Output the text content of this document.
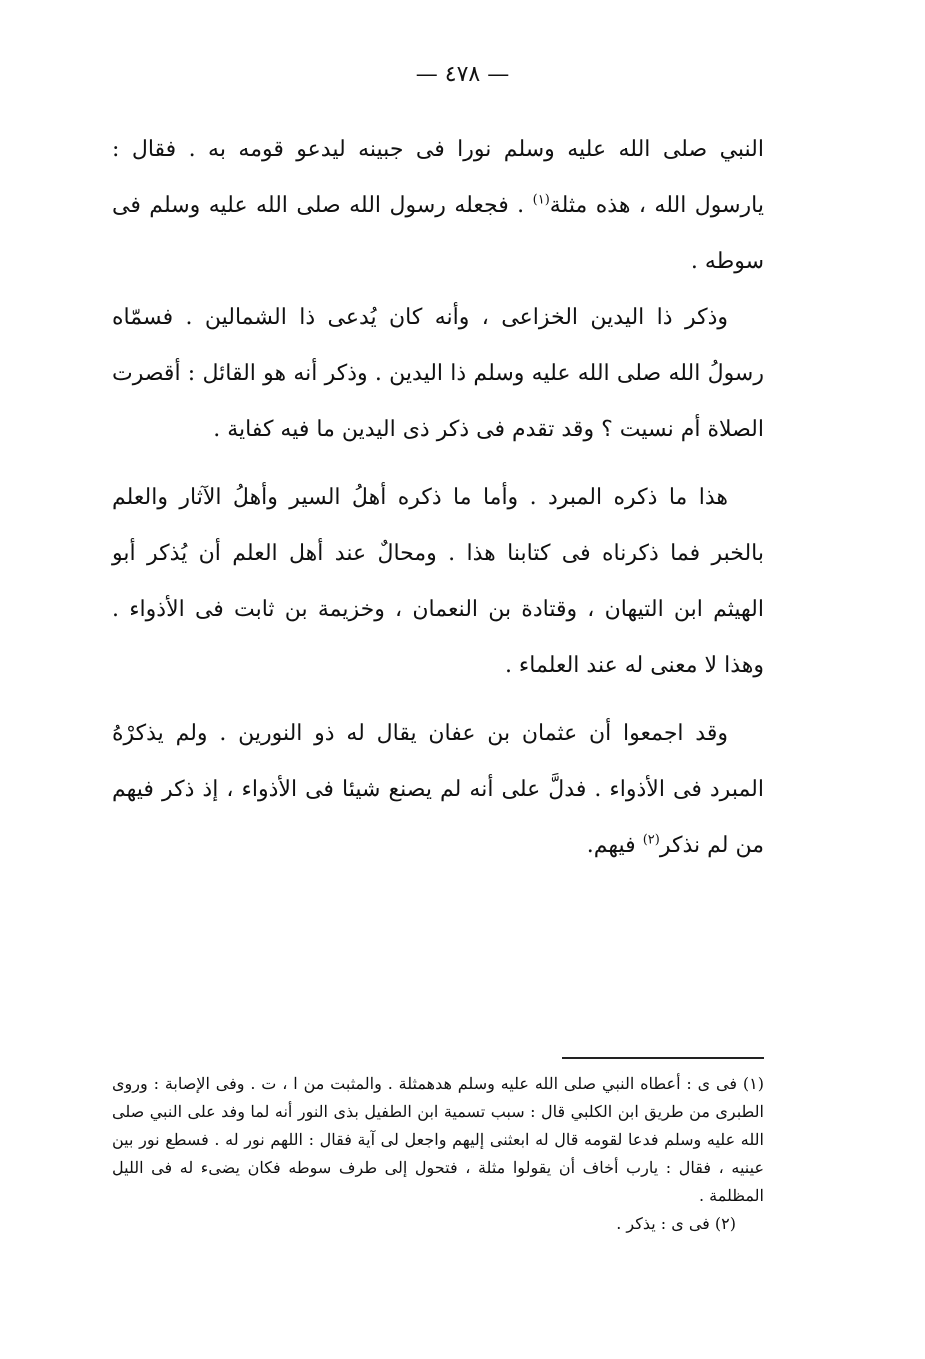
— ٤٧٨ —

النبي صلى الله عليه وسلم نورا فى جبينه ليدعو قومه به . فقال : يارسول الله ، هذه مثلة$^{(١)}$ . فجعله رسول الله صلى الله عليه وسلم فى سوطه .

وذكر ذا اليدين الخزاعى ، وأنه كان يُدعى ذا الشمالين . فسمّاه رسولُ الله صلى الله عليه وسلم ذا اليدين . وذكر أنه هو القائل : أقصرت الصلاة أم نسيت ؟ وقد تقدم فى ذكر ذى اليدين ما فيه كفاية .

هذا ما ذكره المبرد . وأما ما ذكره أهلُ السير وأهلُ الآثار والعلم بالخبر فما ذكرناه فى كتابنا هذا . ومحالٌ عند أهل العلم أن يُذكر أبو الهيثم ابن التيهان ، وقتادة بن النعمان ، وخزيمة بن ثابت فى الأذواء . وهذا لا معنى له عند العلماء .

وقد اجمعوا أن عثمان بن عفان يقال له ذو النورين . ولم يذكرْهُ المبرد فى الأذواء . فدلَّ على أنه لم يصنع شيئا فى الأذواء ، إذ ذكر فيهم من لم نذكر$^{(٢)}$ فيهم.

(١) فى ى : أعطاه النبي صلى الله عليه وسلم هدهمثلة . والمثبت من ا ، ت . وفى الإصابة : وروى الطبرى من طريق ابن الكلبي قال : سبب تسمية ابن الطفيل بذى النور أنه لما وفد على النبي صلى الله عليه وسلم فدعا لقومه قال له ابعثنى إليهم واجعل لى آية فقال : اللهم نور له . فسطع نور بين عينيه ، فقال : يارب أخاف أن يقولوا مثلة ، فتحول إلى طرف سوطه فكان يضىء له فى الليل المظلمة .

(٢) فى ى : يذكر .
